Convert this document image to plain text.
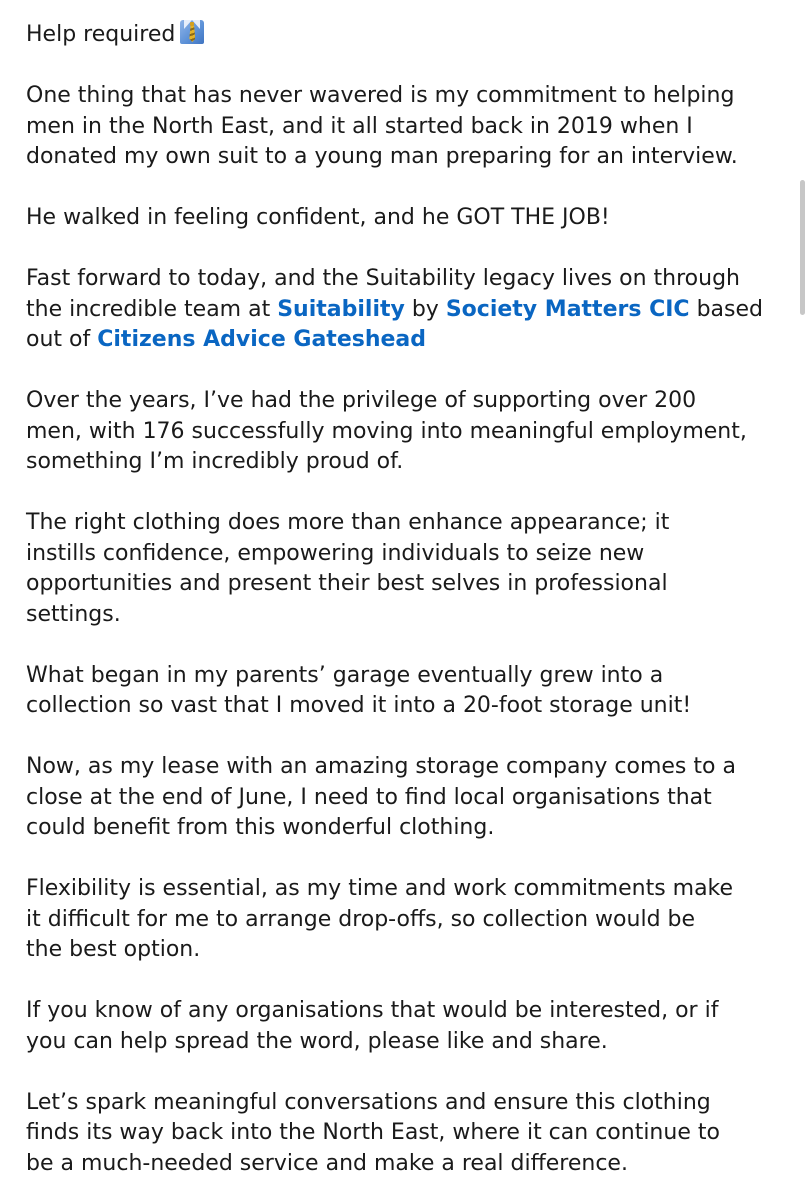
Help required

One thing that has never wavered is my commitment to helping
men in the North East, and it all started back in 2019 when I
donated my own suit to a young man preparing for an interview.

He walked in feeling confident, and he GOT THE JOB!

Fast forward to today, and the Suitability legacy lives on through
the incredible team at Suitability by Society Matters CIC based
out of Citizens Advice Gateshead

Over the years, I’ve had the privilege of supporting over 200
men, with 176 successfully moving into meaningful employment,
something I’m incredibly proud of.

The right clothing does more than enhance appearance; it
instills confidence, empowering individuals to seize new
opportunities and present their best selves in professional
settings.

What began in my parents’ garage eventually grew into a
collection so vast that I moved it into a 20-foot storage unit!

Now, as my lease with an amazing storage company comes to a
close at the end of June, I need to find local organisations that
could benefit from this wonderful clothing.

Flexibility is essential, as my time and work commitments make
it difficult for me to arrange drop-offs, so collection would be
the best option.

If you know of any organisations that would be interested, or if
you can help spread the word, please like and share.

Let’s spark meaningful conversations and ensure this clothing
finds its way back into the North East, where it can continue to
be a much-needed service and make a real difference.
